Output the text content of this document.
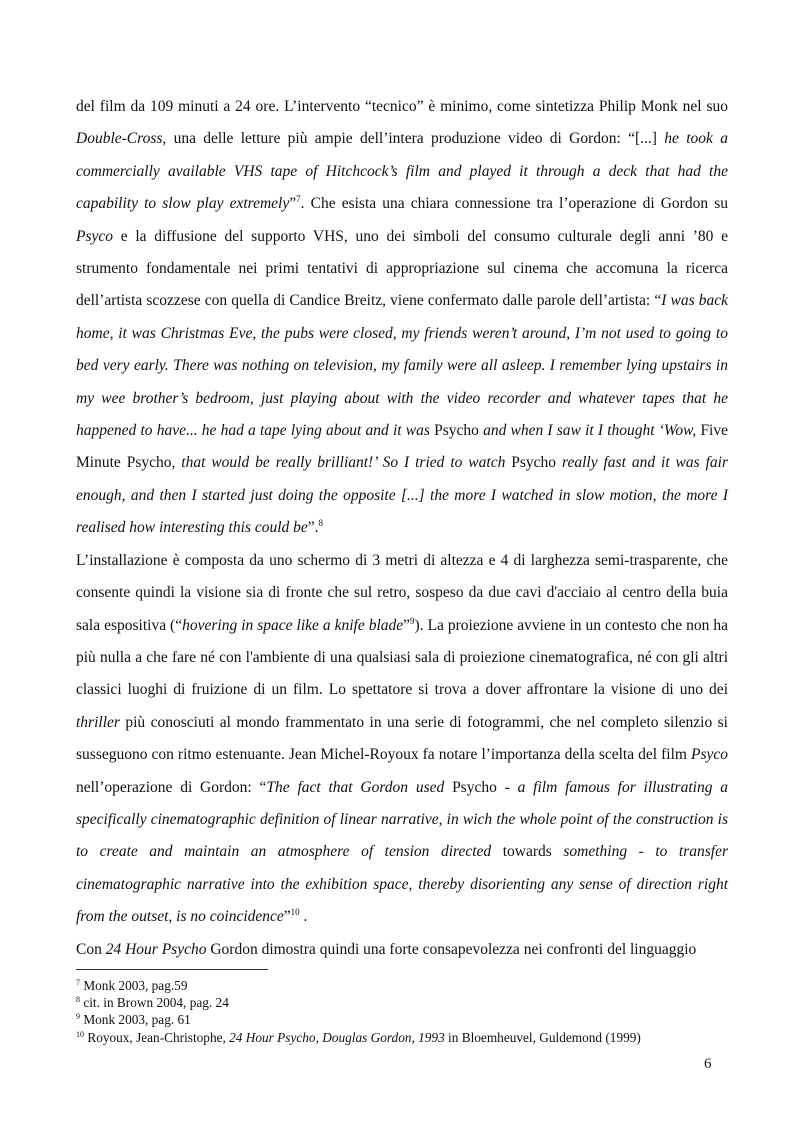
del film da 109 minuti a 24 ore. L’intervento “tecnico” è minimo, come sintetizza Philip Monk nel suo Double-Cross, una delle letture più ampie dell’intera produzione video di Gordon: “[...] he took a commercially available VHS tape of Hitchcock’s film and played it through a deck that had the capability to slow play extremely”$^7$. Che esista una chiara connessione tra l’operazione di Gordon su Psyco e la diffusione del supporto VHS, uno dei simboli del consumo culturale degli anni ’80 e strumento fondamentale nei primi tentativi di appropriazione sul cinema che accomuna la ricerca dell’artista scozzese con quella di Candice Breitz, viene confermato dalle parole dell’artista: “I was back home, it was Christmas Eve, the pubs were closed, my friends weren’t around, I’m not used to going to bed very early. There was nothing on television, my family were all asleep. I remember lying upstairs in my wee brother’s bedroom, just playing about with the video recorder and whatever tapes that he happened to have... he had a tape lying about and it was Psycho and when I saw it I thought ‘Wow, Five Minute Psycho, that would be really brilliant!’ So I tried to watch Psycho really fast and it was fair enough, and then I started just doing the opposite [...] the more I watched in slow motion, the more I realised how interesting this could be”.$^8$

L’installazione è composta da uno schermo di 3 metri di altezza e 4 di larghezza semi-trasparente, che consente quindi la visione sia di fronte che sul retro, sospeso da due cavi d'acciaio al centro della buia sala espositiva (“hovering in space like a knife blade”$^9$). La proiezione avviene in un contesto che non ha più nulla a che fare né con l'ambiente di una qualsiasi sala di proiezione cinematografica, né con gli altri classici luoghi di fruizione di un film. Lo spettatore si trova a dover affrontare la visione di uno dei thriller più conosciuti al mondo frammentato in una serie di fotogrammi, che nel completo silenzio si susseguono con ritmo estenuante. Jean Michel-Royoux fa notare l’importanza della scelta del film Psyco nell’operazione di Gordon: “The fact that Gordon used Psycho - a film famous for illustrating a specifically cinematographic definition of linear narrative, in wich the whole point of the construction is to create and maintain an atmosphere of tension directed towards something - to transfer cinematographic narrative into the exhibition space, thereby disorienting any sense of direction right from the outset, is no coincidence”$^{10}$ .

Con 24 Hour Psycho Gordon dimostra quindi una forte consapevolezza nei confronti del linguaggio

$^7$ Monk 2003, pag.59
$^8$ cit. in Brown 2004, pag. 24
$^9$ Monk 2003, pag. 61
$^{10}$ Royoux, Jean-Christophe, 24 Hour Psycho, Douglas Gordon, 1993 in Bloemheuvel, Guldemond (1999)
6
